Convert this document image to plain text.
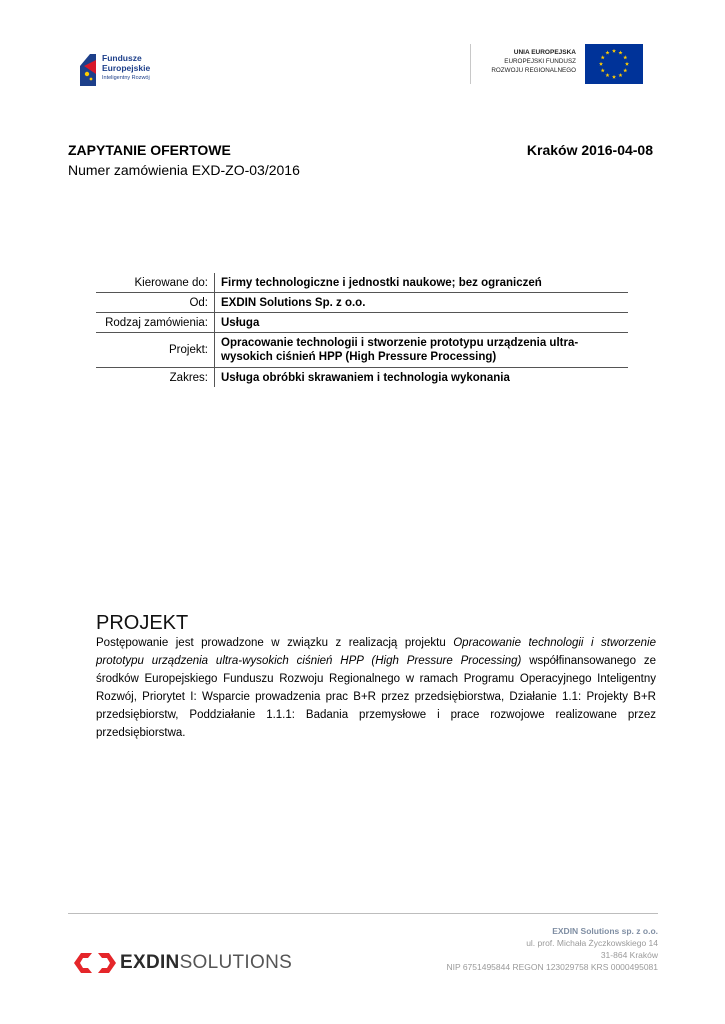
Fundusze
Europejskie
Inteligentny Rozwój
UNIA EUROPEJSKA
EUROPEJSKI FUNDUSZ
ROZWOJU REGIONALNEGO
ZAPYTANIE OFERTOWE	Kraków 2016-04-08
Numer zamówienia EXD-ZO-03/2016
Kierowane do:	Firmy technologiczne i jednostki naukowe; bez ograniczeń
Od:	EXDIN Solutions Sp. z o.o.
Rodzaj zamówienia:	Usługa
Projekt:	Opracowanie technologii i stworzenie prototypu urządzenia ultra-wysokich ciśnień HPP (High Pressure Processing)
Zakres:	Usługa obróbki skrawaniem i technologia wykonania
PROJEKT
Postępowanie jest prowadzone w związku z realizacją projektu Opracowanie technologii i stworzenie prototypu urządzenia ultra-wysokich ciśnień HPP (High Pressure Processing) współfinansowanego ze środków Europejskiego Funduszu Rozwoju Regionalnego w ramach Programu Operacyjnego Inteligentny Rozwój, Priorytet I: Wsparcie prowadzenia prac B+R przez przedsiębiorstwa, Działanie 1.1: Projekty B+R przedsiębiorstw, Poddziałanie 1.1.1: Badania przemysłowe i prace rozwojowe realizowane przez przedsiębiorstwa.
EXDINSOLUTIONS
EXDIN Solutions sp. z o.o.
ul. prof. Michała Życzkowskiego 14
31-864 Kraków
NIP 6751495844 REGON 123029758 KRS 0000495081
